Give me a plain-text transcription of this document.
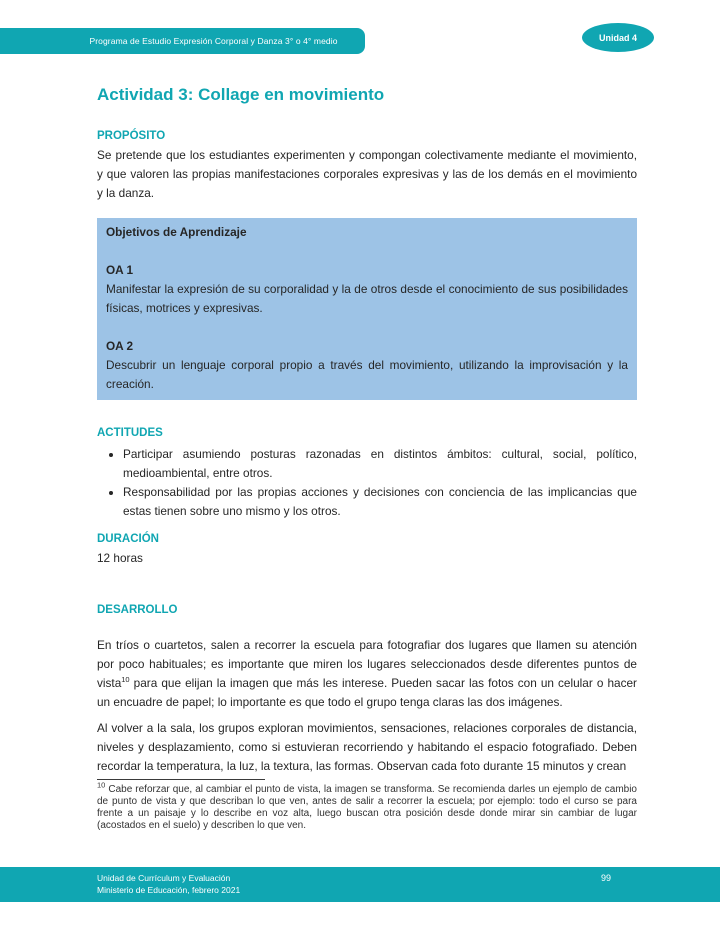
Programa de Estudio Expresión Corporal y Danza 3° o 4° medio	Unidad 4
Actividad 3: Collage en movimiento
PROPÓSITO

Se pretende que los estudiantes experimenten y compongan colectivamente mediante el movimiento, y que valoren las propias manifestaciones corporales expresivas y las de los demás en el movimiento y la danza.

Objetivos de Aprendizaje

OA 1

Manifestar la expresión de su corporalidad y la de otros desde el conocimiento de sus posibilidades físicas, motrices y expresivas.

OA 2

Descubrir un lenguaje corporal propio a través del movimiento, utilizando la improvisación y la creación.

ACTITUDES
• Participar asumiendo posturas razonadas en distintos ámbitos: cultural, social, político, medioambiental, entre otros.
• Responsabilidad por las propias acciones y decisiones con conciencia de las implicancias que estas tienen sobre uno mismo y los otros.
DURACIÓN

12 horas

DESARROLLO

En tríos o cuartetos, salen a recorrer la escuela para fotografiar dos lugares que llamen su atención por poco habituales; es importante que miren los lugares seleccionados desde diferentes puntos de vista$^{10}$ para que elijan la imagen que más les interese. Pueden sacar las fotos con un celular o hacer un encuadre de papel; lo importante es que todo el grupo tenga claras las dos imágenes.

Al volver a la sala, los grupos exploran movimientos, sensaciones, relaciones corporales de distancia, niveles y desplazamiento, como si estuvieran recorriendo y habitando el espacio fotografiado. Deben recordar la temperatura, la luz, la textura, las formas. Observan cada foto durante 15 minutos y crean

$^{10}$ Cabe reforzar que, al cambiar el punto de vista, la imagen se transforma. Se recomienda darles un ejemplo de cambio de punto de vista y que describan lo que ven, antes de salir a recorrer la escuela; por ejemplo: todo el curso se para frente a un paisaje y lo describe en voz alta, luego buscan otra posición desde donde mirar sin cambiar de lugar (acostados en el suelo) y describen lo que ven.

Unidad de Currículum y Evaluación
Ministerio de Educación, febrero 2021
99
